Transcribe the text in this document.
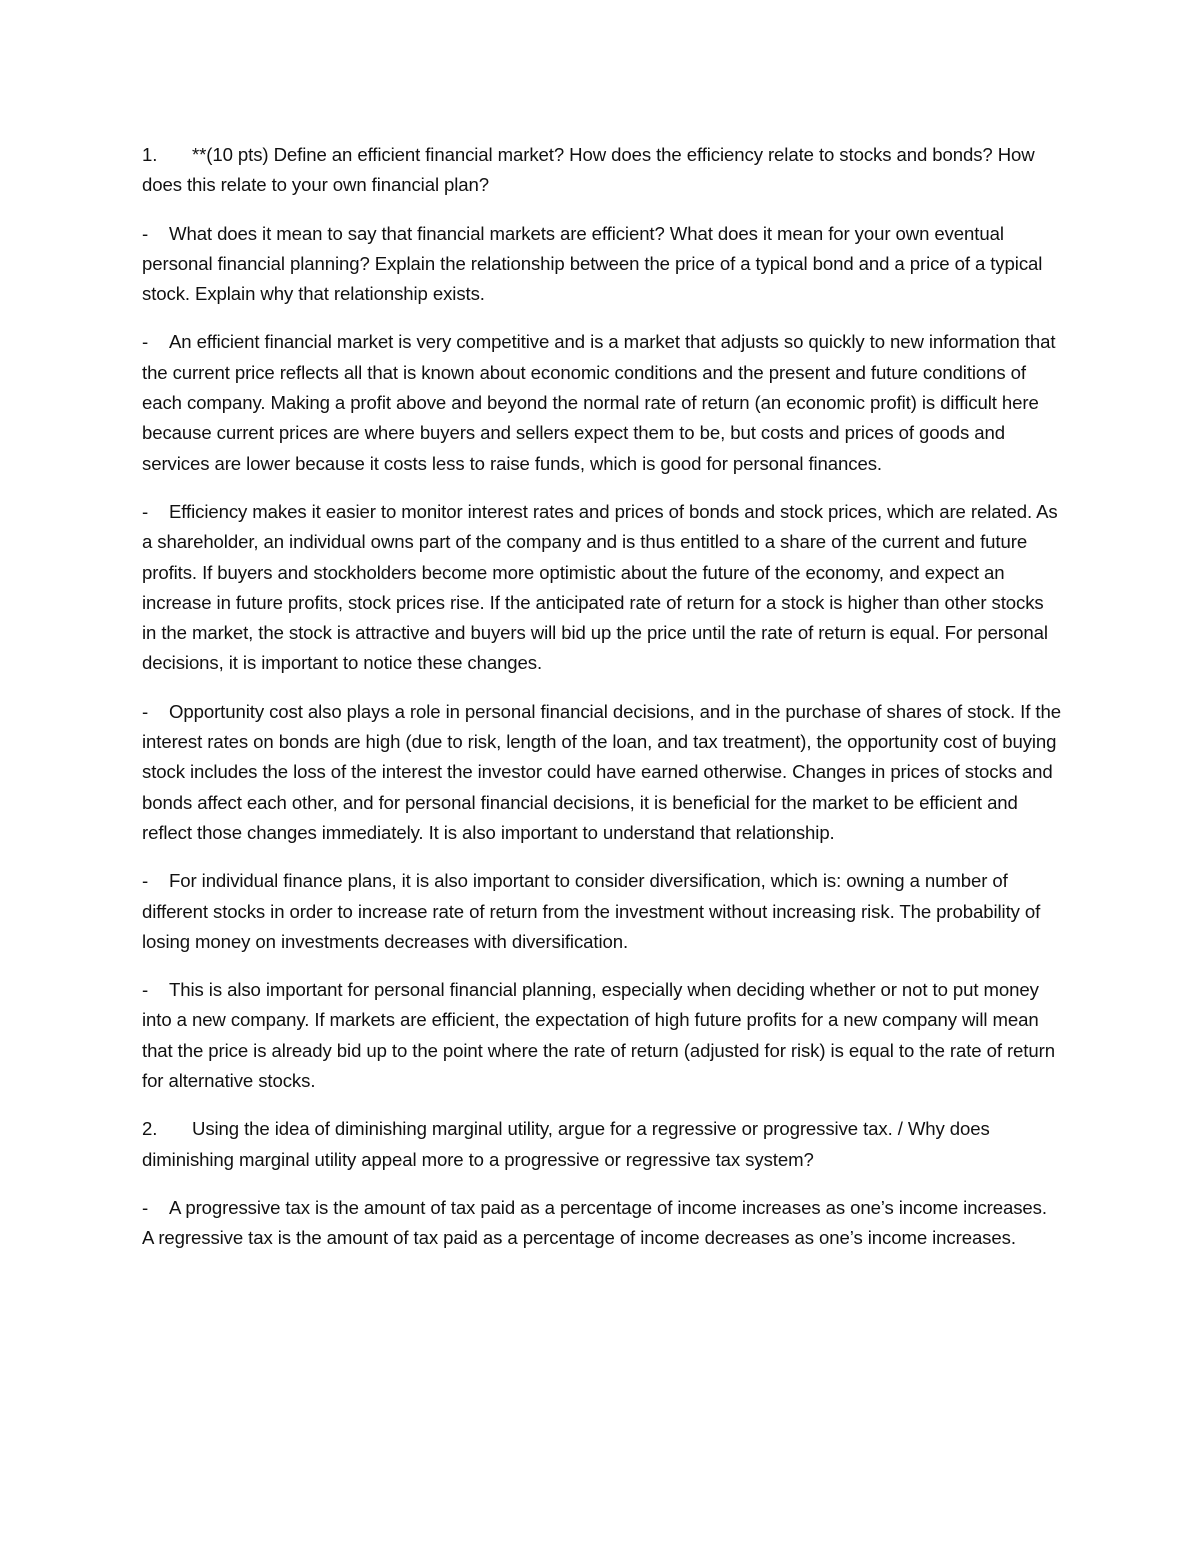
1. **(10 pts) Define an efficient financial market? How does the efficiency relate to stocks and bonds? How does this relate to your own financial plan?

- What does it mean to say that financial markets are efficient? What does it mean for your own eventual personal financial planning? Explain the relationship between the price of a typical bond and a price of a typical stock. Explain why that relationship exists.

- An efficient financial market is very competitive and is a market that adjusts so quickly to new information that the current price reflects all that is known about economic conditions and the present and future conditions of each company. Making a profit above and beyond the normal rate of return (an economic profit) is difficult here because current prices are where buyers and sellers expect them to be, but costs and prices of goods and services are lower because it costs less to raise funds, which is good for personal finances.

- Efficiency makes it easier to monitor interest rates and prices of bonds and stock prices, which are related. As a shareholder, an individual owns part of the company and is thus entitled to a share of the current and future profits. If buyers and stockholders become more optimistic about the future of the economy, and expect an increase in future profits, stock prices rise. If the anticipated rate of return for a stock is higher than other stocks in the market, the stock is attractive and buyers will bid up the price until the rate of return is equal. For personal decisions, it is important to notice these changes.

- Opportunity cost also plays a role in personal financial decisions, and in the purchase of shares of stock. If the interest rates on bonds are high (due to risk, length of the loan, and tax treatment), the opportunity cost of buying stock includes the loss of the interest the investor could have earned otherwise. Changes in prices of stocks and bonds affect each other, and for personal financial decisions, it is beneficial for the market to be efficient and reflect those changes immediately. It is also important to understand that relationship.

- For individual finance plans, it is also important to consider diversification, which is: owning a number of different stocks in order to increase rate of return from the investment without increasing risk. The probability of losing money on investments decreases with diversification.

- This is also important for personal financial planning, especially when deciding whether or not to put money into a new company. If markets are efficient, the expectation of high future profits for a new company will mean that the price is already bid up to the point where the rate of return (adjusted for risk) is equal to the rate of return for alternative stocks.

2. Using the idea of diminishing marginal utility, argue for a regressive or progressive tax. / Why does diminishing marginal utility appeal more to a progressive or regressive tax system?

- A progressive tax is the amount of tax paid as a percentage of income increases as one’s income increases. A regressive tax is the amount of tax paid as a percentage of income decreases as one’s income increases.
